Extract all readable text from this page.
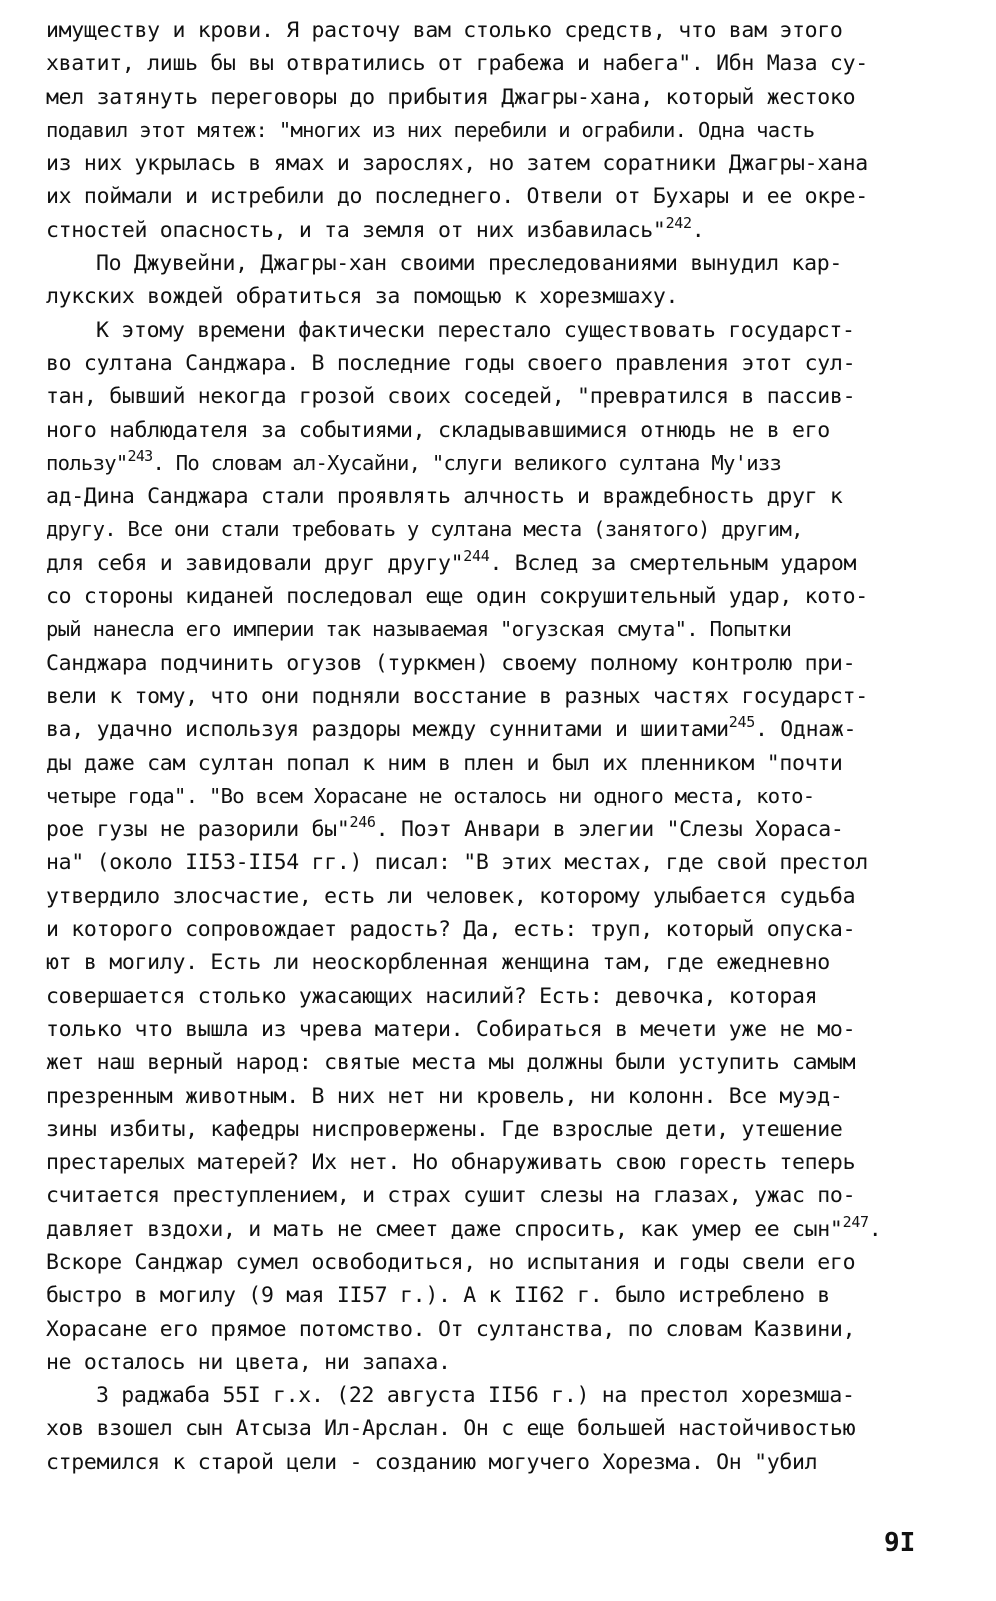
имуществу и крови. Я расточу вам столько средств, что вам этого
хватит, лишь бы вы отвратились от грабежа и набега". Ибн Маза су-
мел затянуть переговоры до прибытия Джагры-хана, который жестоко
подавил этот мятеж: "многих из них перебили и ограбили. Одна часть
из них укрылась в ямах и зарослях, но затем соратники Джагры-хана
их поймали и истребили до последнего. Отвели от Бухары и ее окре-
стностей опасность, и та земля от них избавилась"$^{242}$.
По Джувейни, Джагры-хан своими преследованиями вынудил кар-
лукских вождей обратиться за помощью к хорезмшаху.
К этому времени фактически перестало существовать государст-
во султана Санджара. В последние годы своего правления этот сул-
тан, бывший некогда грозой своих соседей, "превратился в пассив-
ного наблюдателя за событиями, складывавшимися отнюдь не в его
пользу"$^{243}$. По словам ал-Хусайни, "слуги великого султана Му'изз
ад-Дина Санджара стали проявлять алчность и враждебность друг к
другу. Все они стали требовать у султана места (занятого) другим,
для себя и завидовали друг другу"$^{244}$. Вслед за смертельным ударом
со стороны киданей последовал еще один сокрушительный удар, кото-
рый нанесла его империи так называемая "огузская смута". Попытки
Санджара подчинить огузов (туркмен) своему полному контролю при-
вели к тому, что они подняли восстание в разных частях государст-
ва, удачно используя раздоры между суннитами и шиитами$^{245}$. Однаж-
ды даже сам султан попал к ним в плен и был их пленником "почти
четыре года". "Во всем Хорасане не осталось ни одного места, кото-
рое гузы не разорили бы"$^{246}$. Поэт Анвари в элегии "Слезы Хораса-
на" (около II53-II54 гг.) писал: "В этих местах, где свой престол
утвердило злосчастие, есть ли человек, которому улыбается судьба
и которого сопровождает радость? Да, есть: труп, который опуска-
ют в могилу. Есть ли неоскорбленная женщина там, где ежедневно
совершается столько ужасающих насилий? Есть: девочка, которая
только что вышла из чрева матери. Собираться в мечети уже не мо-
жет наш верный народ: святые места мы должны были уступить самым
презренным животным. В них нет ни кровель, ни колонн. Все муэд-
зины избиты, кафедры ниспровержены. Где взрослые дети, утешение
престарелых матерей? Их нет. Но обнаруживать свою горесть теперь
считается преступлением, и страх сушит слезы на глазах, ужас по-
давляет вздохи, и мать не смеет даже спросить, как умер ее сын"$^{247}$.
Вскоре Санджар сумел освободиться, но испытания и годы свели его
быстро в могилу (9 мая II57 г.). А к II62 г. было истреблено в
Хорасане его прямое потомство. От султанства, по словам Казвини,
не осталось ни цвета, ни запаха.
3 раджаба 55I г.х. (22 августа II56 г.) на престол хорезмша-
хов взошел сын Атсыза Ил-Арслан. Он с еще большей настойчивостью
стремился к старой цели - созданию могучего Хорезма. Он "убил
9I
